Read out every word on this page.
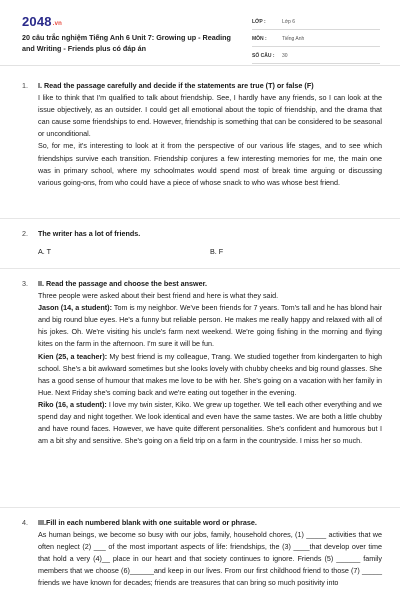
2048.vn
20 câu trắc nghiệm Tiếng Anh 6 Unit 7: Growing up - Reading and Writing - Friends plus có đáp án
LỚP :	Lớp 6
MÔN :	Tiếng Anh
SỐ CÂU :	30
1. I. Read the passage carefully and decide if the statements are true (T) or false (F)

I like to think that I'm qualified to talk about friendship. See, I hardly have any friends, so I can look at the issue objectively, as an outsider. I could get all emotional about the topic of friendship, and the drama that can cause some friendships to end. However, friendship is something that can be considered to be seasonal or unconditional.

So, for me, it's interesting to look at it from the perspective of our various life stages, and to see which friendships survive each transition. Friendship conjures a few interesting memories for me, the main one was in primary school, where my schoolmates would spend most of break time arguing or discussing various going-ons, from who could have a piece of whose snack to who was whose best friend.

2. The writer has a lot of friends.
A. T	B. F
3. II. Read the passage and choose the best answer.

Three people were asked about their best friend and here is what they said.

Jason (14, a student): Tom is my neighbor. We've been friends for 7 years. Tom's tall and he has blond hair and big round blue eyes. He's a funny but reliable person. He makes me really happy and relaxed with all of his jokes. Oh. We're visiting his uncle's farm next weekend. We're going fishing in the morning and flying kites on the farm in the afternoon. I'm sure it will be fun.

Kien (25, a teacher): My best friend is my colleague, Trang. We studied together from kindergarten to high school. She's a bit awkward sometimes but she looks lovely with chubby cheeks and big round glasses. She has a good sense of humour that makes me love to be with her. She's going on a vacation with her family in Hue. Next Friday she's coming back and we're eating out together in the evening.

Riko (16, a student): I love my twin sister, Kiko. We grew up together. We tell each other everything and we spend day and night together. We look identical and even have the same tastes. We are both a little chubby and have round faces. However, we have quite different personalities. She's confident and humorous but I am a bit shy and sensitive. She's going on a field trip on a farm in the countryside. I miss her so much.

4. III.Fill in each numbered blank with one suitable word or phrase.

As human beings, we become so busy with our jobs, family, household chores, (1) _____ activities that we often neglect (2) ___ of the most important aspects of life: friendships, the (3) ____that develop over time that hold a very (4)__ place in our heart and that society continues to ignore. Friends (5) ______ family members that we choose (6)______and keep in our lives. From our first childhood friend to those (7) _____ friends we have known for decades; friends are treasures that can bring so much positivity into
